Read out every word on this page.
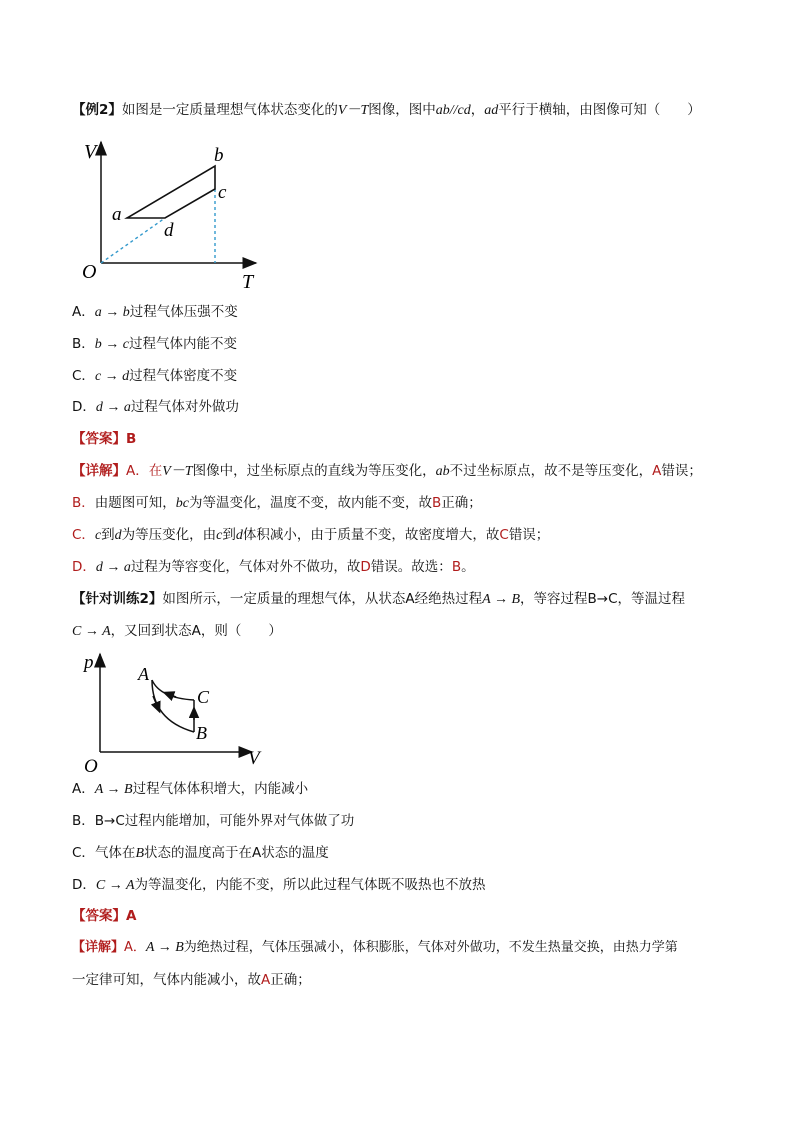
【例2】如图是一定质量理想气体状态变化的V－T图像，图中ab//cd，ad平行于横轴，由图像可知（　　）
V
T
O
a
b
c
d
A．a → b过程气体压强不变
B．b → c过程气体内能不变
C．c → d过程气体密度不变
D．d → a过程气体对外做功
【答案】B
【详解】A．在V－T图像中，过坐标原点的直线为等压变化，ab不过坐标原点，故不是等压变化，A错误；
B．由题图可知，bc为等温变化，温度不变，故内能不变，故B正确；
C．c到d为等压变化，由c到d体积减小，由于质量不变，故密度增大，故C错误；
D．d → a过程为等容变化，气体对外不做功，故D错误。故选：B。
【针对训练2】如图所示，一定质量的理想气体，从状态A经绝热过程A → B，等容过程B→C，等温过程
C → A，又回到状态A，则（　　）
p
V
O
A
B
C
A．A → B过程气体体积增大，内能减小
B．B→C过程内能增加，可能外界对气体做了功
C．气体在B状态的温度高于在A状态的温度
D．C → A为等温变化，内能不变，所以此过程气体既不吸热也不放热
【答案】A
【详解】A．A → B为绝热过程，气体压强减小，体积膨胀，气体对外做功，不发生热量交换，由热力学第
一定律可知，气体内能减小，故A正确；
